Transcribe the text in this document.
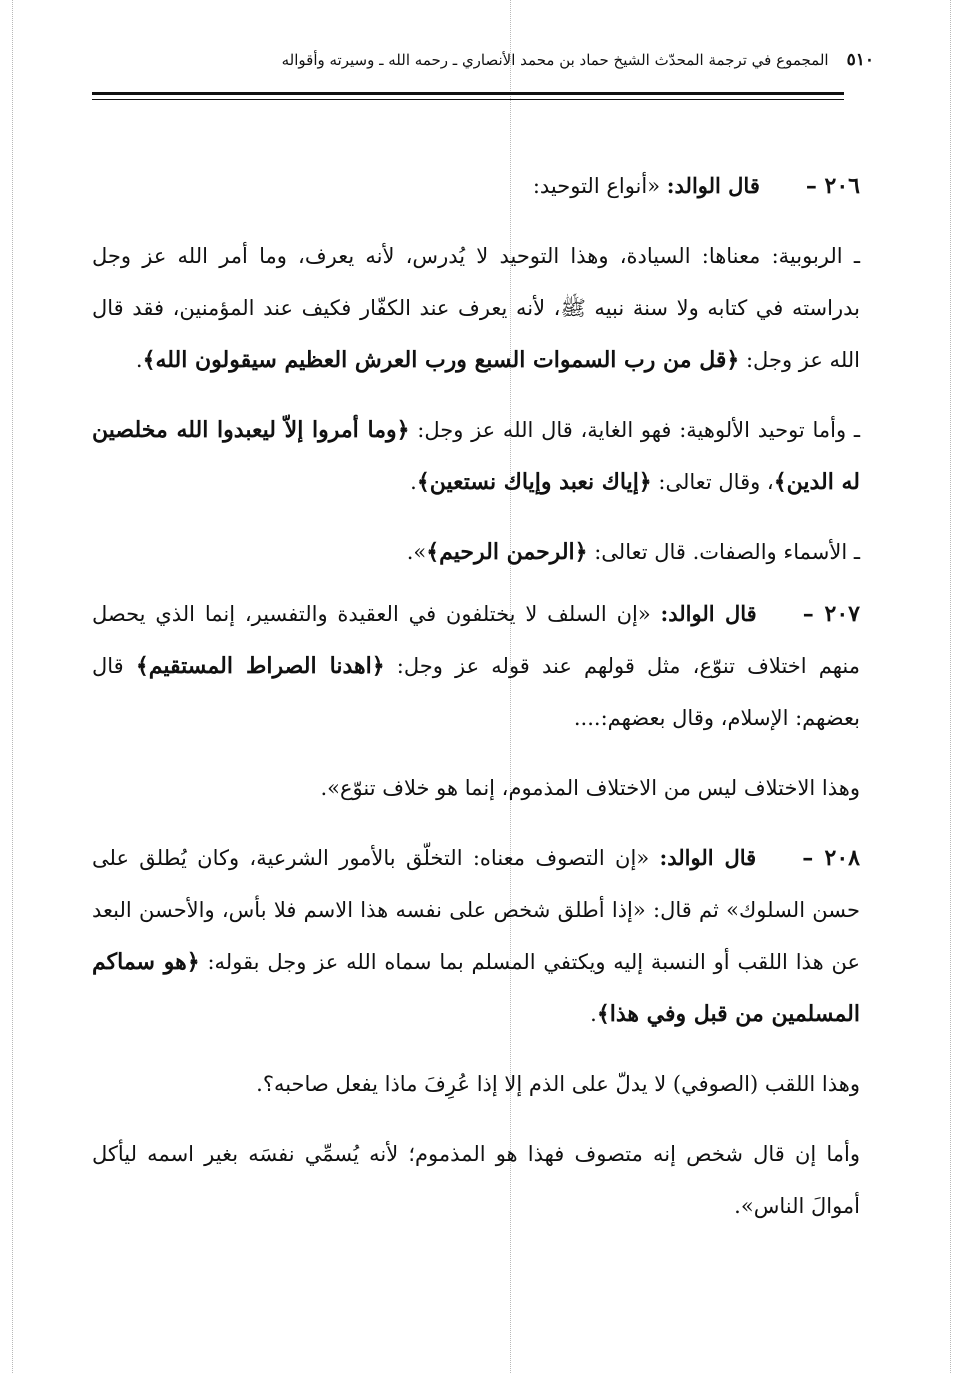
٥١٠
المجموع في ترجمة المحدّث الشيخ حماد بن محمد الأنصاري ـ رحمه الله ـ وسيرته وأقواله

٢٠٦ –قال الوالد: «أنواع التوحيد:

ـ الربوبية: معناها: السيادة، وهذا التوحيد لا يُدرس، لأنه يعرف، وما أمر الله عز وجل بدراسته في كتابه ولا سنة نبيه ﷺ، لأنه يعرف عند الكفّار فكيف عند المؤمنين، فقد قال الله عز وجل: ﴿قل من رب السموات السبع ورب العرش العظيم سيقولون الله﴾.

ـ وأما توحيد الألوهية: فهو الغاية، قال الله عز وجل: ﴿وما أمروا إلاّ ليعبدوا الله مخلصين له الدين﴾، وقال تعالى: ﴿إياك نعبد وإياك نستعين﴾.

ـ الأسماء والصفات. قال تعالى: ﴿الرحمن الرحيم﴾».

٢٠٧ –قال الوالد: «إن السلف لا يختلفون في العقيدة والتفسير، إنما الذي يحصل منهم اختلاف تنوّع، مثل قولهم عند قوله عز وجل: ﴿اهدنا الصراط المستقيم﴾ قال بعضهم: الإسلام، وقال بعضهم:....

وهذا الاختلاف ليس من الاختلاف المذموم، إنما هو خلاف تنوّع».

٢٠٨ –قال الوالد: «إن التصوف معناه: التخلّق بالأمور الشرعية، وكان يُطلق على حسن السلوك» ثم قال: «إذا أطلق شخص على نفسه هذا الاسم فلا بأس، والأحسن البعد عن هذا اللقب أو النسبة إليه ويكتفي المسلم بما سماه الله عز وجل بقوله: ﴿هو سماكم المسلمين من قبل وفي هذا﴾.

وهذا اللقب (الصوفي) لا يدلّ على الذم إلا إذا عُرِفَ ماذا يفعل صاحبه؟.

وأما إن قال شخص إنه متصوف فهذا هو المذموم؛ لأنه يُسمِّي نفسَه بغير اسمه ليأكل أموالَ الناس».
